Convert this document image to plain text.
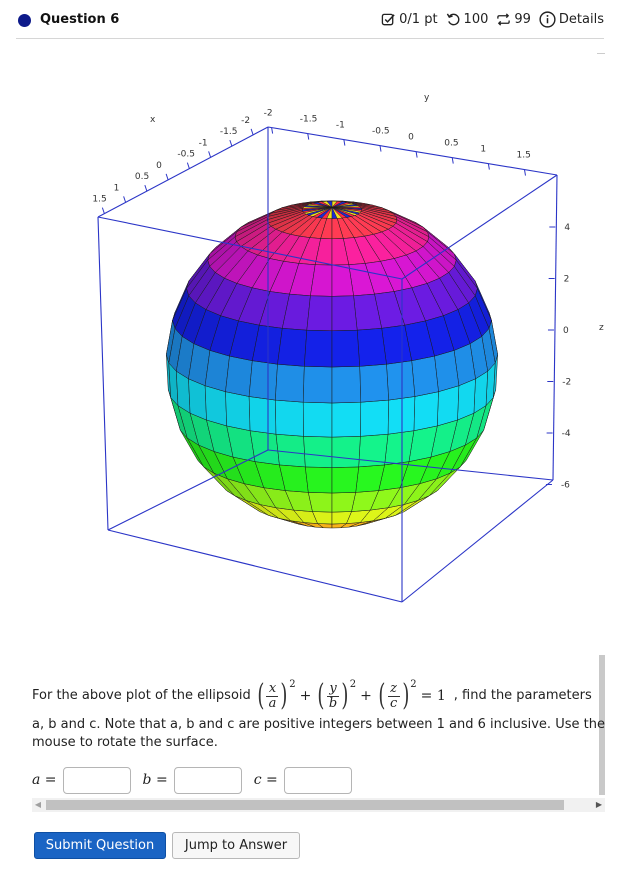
Question 6	0/1 pt 100 99 Details
1.5
1
0.5
0
-0.5
-1
-1.5
-2
x
-2
-1.5
-1
-0.5
0
0.5
1
1.5
y
4
2
0
-2
-4
-6
z
For the above plot of the ellipsoid ( $\frac{x}{a}$ ) 2
+ ( $\frac{y}{b}$ ) 2
+ ( $\frac{z}{c}$ ) 2
= 1 , find the parameters
a, b and c. Note that a, b and c are positive integers between 1 and 6 inclusive. Use the
mouse to rotate the surface.
a =	b =	c =
◀	▶
Submit Question	Jump to Answer
